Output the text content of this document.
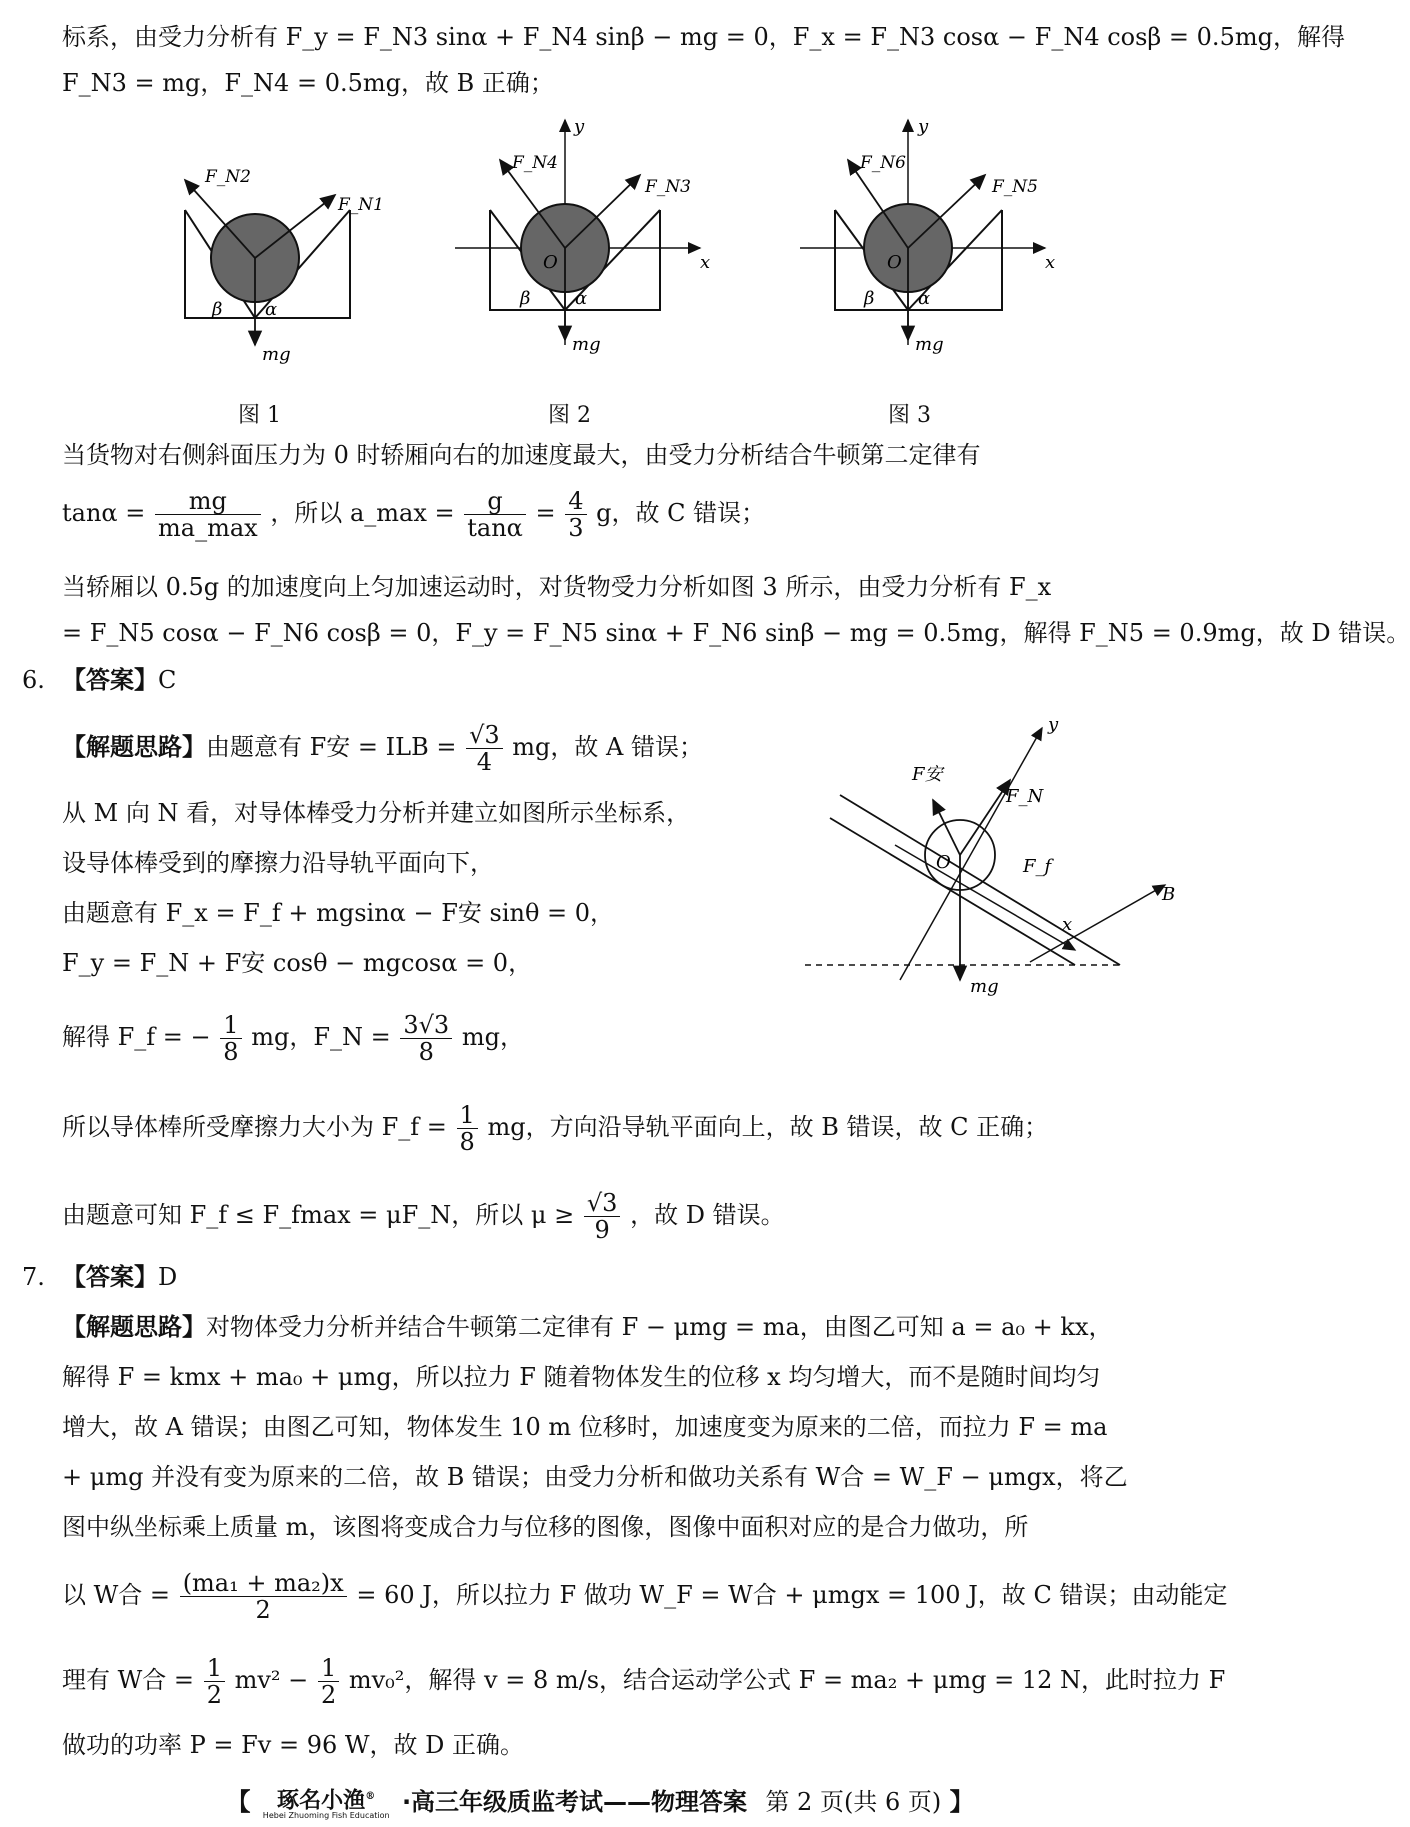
标系，由受力分析有 F_y = F_N3 sinα + F_N4 sinβ − mg = 0，F_x = F_N3 cosα − F_N4 cosβ = 0.5mg，解得
F_N3 = mg，F_N4 = 0.5mg，故 B 正确；
F_N2
F_N1
mg
β α
y
F_N4
F_N3
x
O
β α
mg
y
F_N6
F_N5
x
O
β α
mg
图 1	图 2	图 3
当货物对右侧斜面压力为 0 时轿厢向右的加速度最大，由受力分析结合牛顿第二定律有
$\tan\alpha = \frac{mg}{ma\_\max}$ ，所以 a_max = $\frac{g}{\tan\alpha} = \frac{4}{3}$ g，故 C 错误；
当轿厢以 0.5g 的加速度向上匀加速运动时，对货物受力分析如图 3 所示，由受力分析有 F_x
= F_N5 cosα − F_N6 cosβ = 0，F_y = F_N5 sinα + F_N6 sinβ − mg = 0.5mg，解得 F_N5 = 0.9mg，故 D 错误。
6. 【答案】C
【解题思路】由题意有 F安 = ILB = $\frac{√3}{4}$ mg，故 A 错误；
从 M 向 N 看，对导体棒受力分析并建立如图所示坐标系，
设导体棒受到的摩擦力沿导轨平面向下，
由题意有 F_x = F_f + mgsinα − F安 sinθ = 0，
F_y = F_N + F安 cosθ − mgcosα = 0，
解得 F_f = − $\frac{1}{8}$ mg，F_N = $\frac{3√3}{8}$ mg，
所以导体棒所受摩擦力大小为 F_f = $\frac{1}{8}$ mg，方向沿导轨平面向上，故 B 错误，故 C 正确；
由题意可知 F_f ≤ F_fmax = μF_N，所以 $\mu \ge \frac{√3}{9}$ ，故 D 错误。
y
F安
F_N
O	F_f
x
B
mg
7. 【答案】D
【解题思路】对物体受力分析并结合牛顿第二定律有 F − μmg = ma，由图乙可知 a = a₀ + kx，
解得 F = kmx + ma₀ + μmg，所以拉力 F 随着物体发生的位移 x 均匀增大，而不是随时间均匀
增大，故 A 错误；由图乙可知，物体发生 10 m 位移时，加速度变为原来的二倍，而拉力 F = ma
+ μmg 并没有变为原来的二倍，故 B 错误；由受力分析和做功关系有 W合 = W_F − μmgx，将乙
图中纵坐标乘上质量 m，该图将变成合力与位移的图像，图像中面积对应的是合力做功，所
以 W合 = $\frac{\text{(ma₁ + ma₂)x}}{2} = 60$ J，所以拉力 F 做功 W_F = W合 + μmgx = 100 J，故 C 错误；由动能定
理有 W合 = $\frac{1}{2} mv^2 - \frac{1}{2} mv_0^2$，解得 v = 8 m/s，结合运动学公式 F = ma₂ + μmg = 12 N，此时拉力 F
做功的功率 P = Fv = 96 W，故 D 正确。
【	琢名小渔®
Hebei Zhuoming Fish Education ·高三年级质监考试——物理答案 第 2 页(共 6 页) 】
